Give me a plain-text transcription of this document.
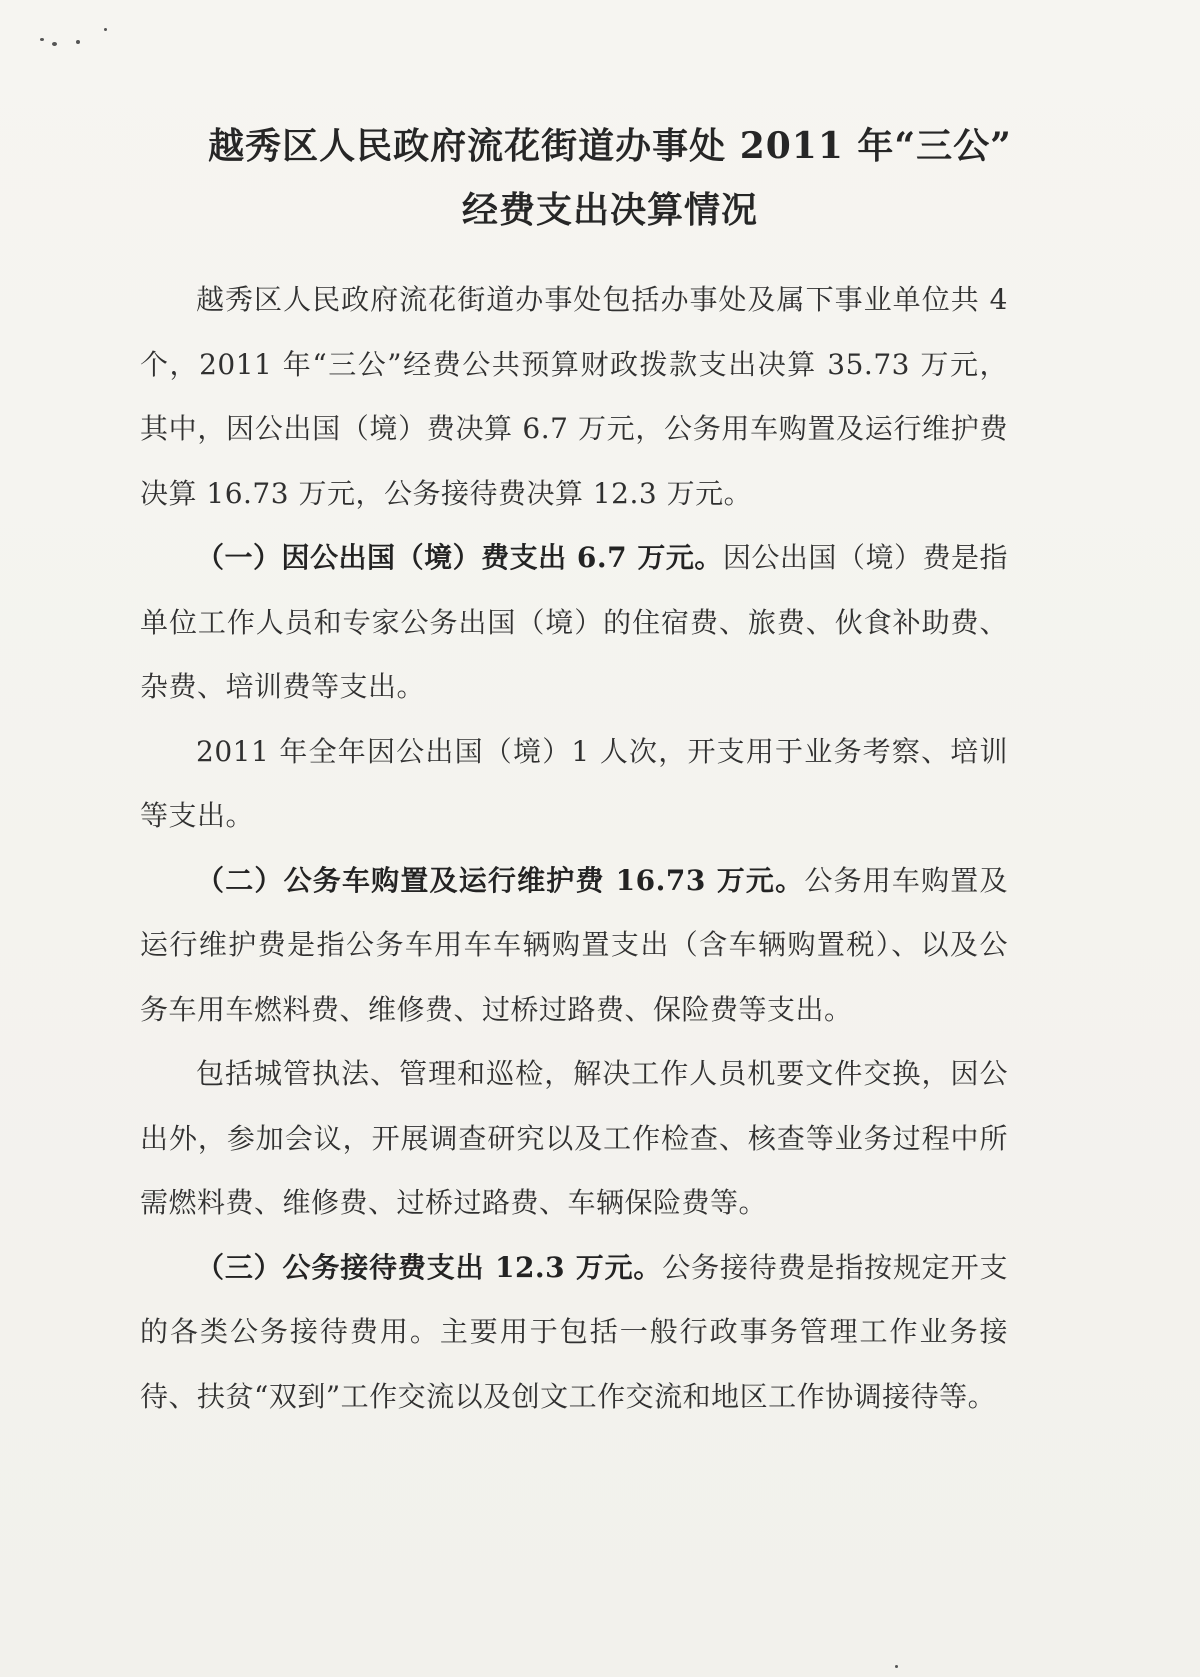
越秀区人民政府流花街道办事处 2011 年“三公”
经费支出决算情况

越秀区人民政府流花街道办事处包括办事处及属下事业单位共 4 个，2011 年“三公”经费公共预算财政拨款支出决算 35.73 万元，其中，因公出国（境）费决算 6.7 万元，公务用车购置及运行维护费决算 16.73 万元，公务接待费决算 12.3 万元。

（一）因公出国（境）费支出 6.7 万元。因公出国（境）费是指单位工作人员和专家公务出国（境）的住宿费、旅费、伙食补助费、杂费、培训费等支出。

2011 年全年因公出国（境）1 人次，开支用于业务考察、培训等支出。

（二）公务车购置及运行维护费 16.73 万元。公务用车购置及运行维护费是指公务车用车车辆购置支出（含车辆购置税）、以及公务车用车燃料费、维修费、过桥过路费、保险费等支出。

包括城管执法、管理和巡检，解决工作人员机要文件交换，因公出外，参加会议，开展调查研究以及工作检查、核查等业务过程中所需燃料费、维修费、过桥过路费、车辆保险费等。

（三）公务接待费支出 12.3 万元。公务接待费是指按规定开支的各类公务接待费用。主要用于包括一般行政事务管理工作业务接待、扶贫“双到”工作交流以及创文工作交流和地区工作协调接待等。
